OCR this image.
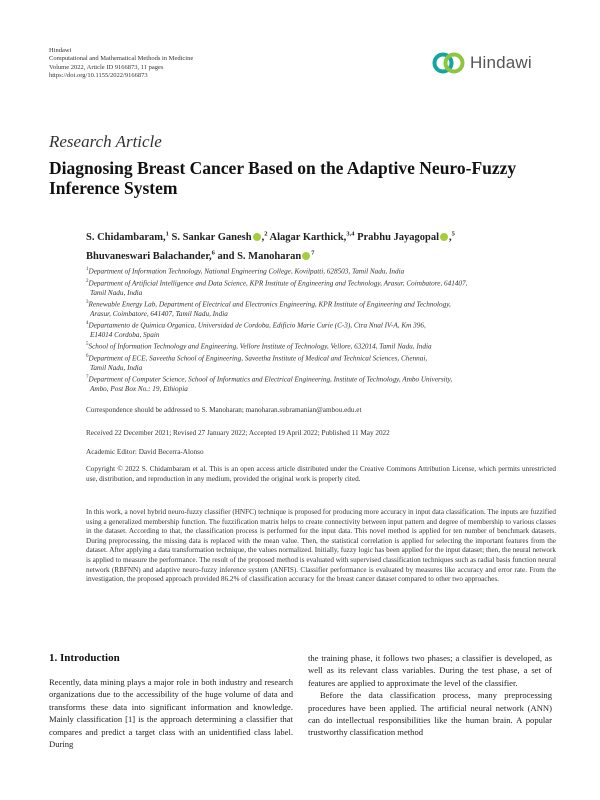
Hindawi
Computational and Mathematical Methods in Medicine
Volume 2022, Article ID 9166873, 11 pages
https://doi.org/10.1155/2022/9166873
Hindawi
Research Article
Diagnosing Breast Cancer Based on the Adaptive Neuro-Fuzzy Inference System
S. Chidambaram,$^1$ S. Sankar Ganesh ,$^2$ Alagar Karthick,$^{3,4}$ Prabhu Jayagopal ,$^5$
Bhuvaneswari Balachander,$^6$ and S. Manoharan $^7$
$^1$Department of Information Technology, National Engineering College, Kovilpatti, 628503, Tamil Nadu, India
$^2$Department of Artificial Intelligence and Data Science, KPR Institute of Engineering and Technology, Arasur, Coimbatore, 641407,
Tamil Nadu, India
$^3$Renewable Energy Lab, Department of Electrical and Electronics Engineering, KPR Institute of Engineering and Technology,
Arasur, Coimbatore, 641407, Tamil Nadu, India
$^4$Departamento de Quimica Organica, Universidad de Cordoba, Edificio Marie Curie (C-3), Ctra Nnal IV-A, Km 396,
E14014 Cordoba, Spain
$^5$School of Information Technology and Engineering, Vellore Institute of Technology, Vellore, 632014, Tamil Nadu, India
$^6$Department of ECE, Saveetha School of Engineering, Saveetha Institute of Medical and Technical Sciences, Chennai,
Tamil Nadu, India
$^7$Department of Computer Science, School of Informatics and Electrical Engineering, Institute of Technology, Ambo University,
Ambo, Post Box No.: 19, Ethiopia
Correspondence should be addressed to S. Manoharan; manoharan.subramanian@ambou.edu.et
Received 22 December 2021; Revised 27 January 2022; Accepted 19 April 2022; Published 11 May 2022
Academic Editor: David Becerra-Alonso
Copyright © 2022 S. Chidambaram et al. This is an open access article distributed under the Creative Commons Attribution License, which permits unrestricted use, distribution, and reproduction in any medium, provided the original work is properly cited.
In this work, a novel hybrid neuro-fuzzy classifier (HNFC) technique is proposed for producing more accuracy in input data classification. The inputs are fuzzified using a generalized membership function. The fuzzification matrix helps to create connectivity between input pattern and degree of membership to various classes in the dataset. According to that, the classification process is performed for the input data. This novel method is applied for ten number of benchmark datasets. During preprocessing, the missing data is replaced with the mean value. Then, the statistical correlation is applied for selecting the important features from the dataset. After applying a data transformation technique, the values normalized. Initially, fuzzy logic has been applied for the input dataset; then, the neural network is applied to measure the performance. The result of the proposed method is evaluated with supervised classification techniques such as radial basis function neural network (RBFNN) and adaptive neuro-fuzzy inference system (ANFIS). Classifier performance is evaluated by measures like accuracy and error rate. From the investigation, the proposed approach provided 86.2% of classification accuracy for the breast cancer dataset compared to other two approaches.
1. Introduction
Recently, data mining plays a major role in both industry and research organizations due to the accessibility of the huge volume of data and transforms these data into significant information and knowledge. Mainly classification [1] is the approach determining a classifier that compares and predict a target class with an unidentified class label. During
the training phase, it follows two phases; a classifier is developed, as well as its relevant class variables. During the test phase, a set of features are applied to approximate the level of the classifier.
Before the data classification process, many preprocessing procedures have been applied. The artificial neural network (ANN) can do intellectual responsibilities like the human brain. A popular trustworthy classification method
